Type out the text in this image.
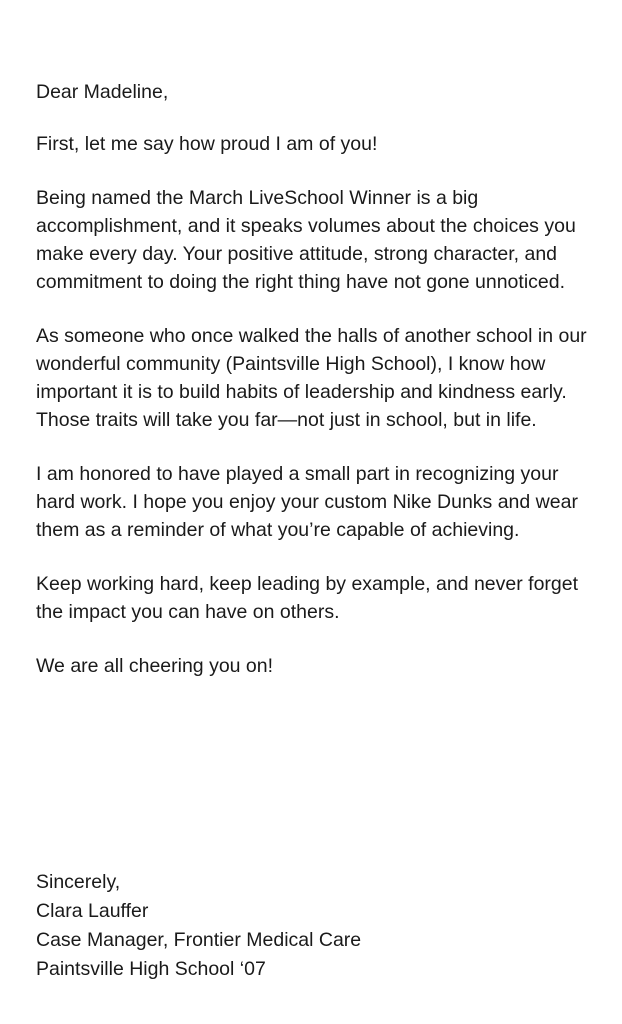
Dear Madeline,

First, let me say how proud I am of you!

Being named the March LiveSchool Winner is a big accomplishment, and it speaks volumes about the choices you make every day. Your positive attitude, strong character, and commitment to doing the right thing have not gone unnoticed.

As someone who once walked the halls of another school in our wonderful community (Paintsville High School), I know how important it is to build habits of leadership and kindness early. Those traits will take you far—not just in school, but in life.

I am honored to have played a small part in recognizing your hard work. I hope you enjoy your custom Nike Dunks and wear them as a reminder of what you’re capable of achieving.

Keep working hard, keep leading by example, and never forget the impact you can have on others.

We are all cheering you on!

Sincerely,
Clara Lauffer
Case Manager, Frontier Medical Care
Paintsville High School ‘07
